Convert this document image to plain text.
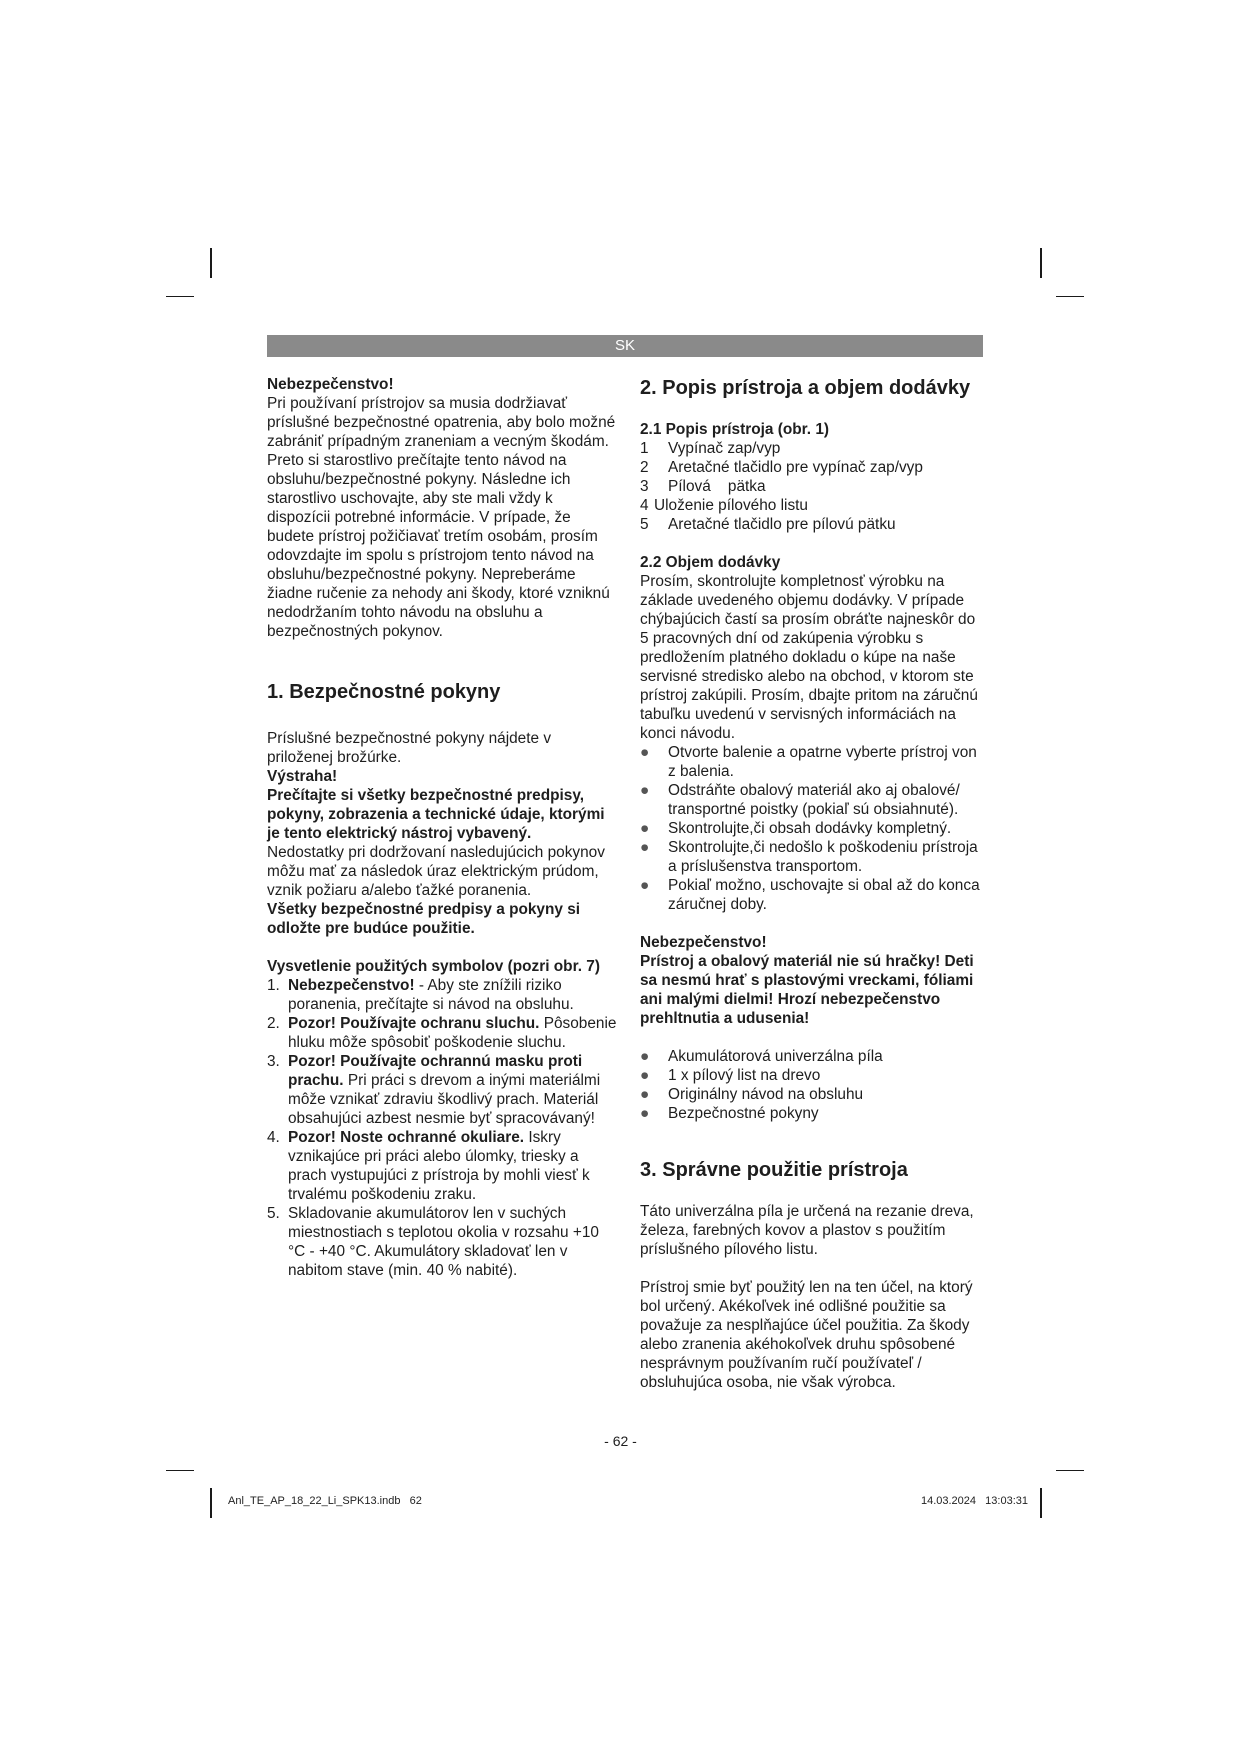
SK

Nebezpečenstvo!

Pri používaní prístrojov sa musia dodržiavať príslušné bezpečnostné opatrenia, aby bolo možné zabrániť prípadným zraneniam a vecným škodám. Preto si starostlivo prečítajte tento návod na obsluhu/bezpečnostné pokyny. Následne ich starostlivo uschovajte, aby ste mali vždy k dispozícii potrebné informácie. V prípade, že budete prístroj požičiavať tretím osobám, prosím odovzdajte im spolu s prístrojom tento návod na obsluhu/bezpečnostné pokyny. Nepreberáme žiadne ručenie za nehody ani škody, ktoré vzniknú nedodržaním tohto návodu na obsluhu a bezpečnostných pokynov.

1. Bezpečnostné pokyny

Príslušné bezpečnostné pokyny nájdete v priloženej brožúrke.

Výstraha!

Prečítajte si všetky bezpečnostné predpisy, pokyny, zobrazenia a technické údaje, ktorými je tento elektrický nástroj vybavený.

Nedostatky pri dodržovaní nasledujúcich pokynov môžu mať za následok úraz elektrickým prúdom, vznik požiaru a/alebo ťažké poranenia.

Všetky bezpečnostné predpisy a pokyny si odložte pre budúce použitie.

Vysvetlenie použitých symbolov (pozri obr. 7)

1. Nebezpečenstvo! - Aby ste znížili riziko poranenia, prečítajte si návod na obsluhu.
2. Pozor! Používajte ochranu sluchu. Pôsobenie hluku môže spôsobiť poškodenie sluchu.
3. Pozor! Používajte ochrannú masku proti prachu. Pri práci s drevom a inými materiálmi môže vznikať zdraviu škodlivý prach. Materiál obsahujúci azbest nesmie byť spracovávaný!
4. Pozor! Noste ochranné okuliare. Iskry vznikajúce pri práci alebo úlomky, triesky a prach vystupujúci z prístroja by mohli viesť k trvalému poškodeniu zraku.
5. Skladovanie akumulátorov len v suchých miestnostiach s teplotou okolia v rozsahu +10 °C - +40 °C. Akumulátory skladovať len v nabitom stave (min. 40 % nabité).
2. Popis prístroja a objem dodávky

2.1 Popis prístroja (obr. 1)

1	Vypínač zap/vyp
2	Aretačné tlačidlo pre vypínač zap/vyp
3	Pílová    pätka
4 Uloženie pílového listu
5	Aretačné tlačidlo pre pílovú pätku

2.2 Objem dodávky

Prosím, skontrolujte kompletnosť výrobku na základe uvedeného objemu dodávky. V prípade chýbajúcich častí sa prosím obráťte najneskôr do 5 pracovných dní od zakúpenia výrobku s predložením platného dokladu o kúpe na naše servisné stredisko alebo na obchod, v ktorom ste prístroj zakúpili. Prosím, dbajte pritom na záručnú tabuľku uvedenú v servisných informáciách na konci návodu.

● Otvorte balenie a opatrne vyberte prístroj von z balenia.
● Odstráňte obalový materiál ako aj obalové/ transportné poistky (pokiaľ sú obsiahnuté).
● Skontrolujte,či obsah dodávky kompletný.
● Skontrolujte,či nedošlo k poškodeniu prístroja a príslušenstva transportom.
● Pokiaľ možno, uschovajte si obal až do konca záručnej doby.

Nebezpečenstvo!

Prístroj a obalový materiál nie sú hračky! Deti sa nesmú hrať s plastovými vreckami, fóliami ani malými dielmi! Hrozí nebezpečenstvo prehltnutia a udusenia!

● Akumulátorová univerzálna píla
● 1 x pílový list na drevo
● Originálny návod na obsluhu
● Bezpečnostné pokyny
3. Správne použitie prístroja

Táto univerzálna píla je určená na rezanie dreva, železa, farebných kovov a plastov s použitím príslušného pílového listu.

Prístroj smie byť použitý len na ten účel, na ktorý bol určený. Akékoľvek iné odlišné použitie sa považuje za nesplňajúce účel použitia. Za škody alebo zranenia akéhokoľvek druhu spôsobené nesprávnym používaním ručí používateľ / obsluhujúca osoba, nie však výrobca.

- 62 -
Anl_TE_AP_18_22_Li_SPK13.indb   62	14.03.2024   13:03:31
